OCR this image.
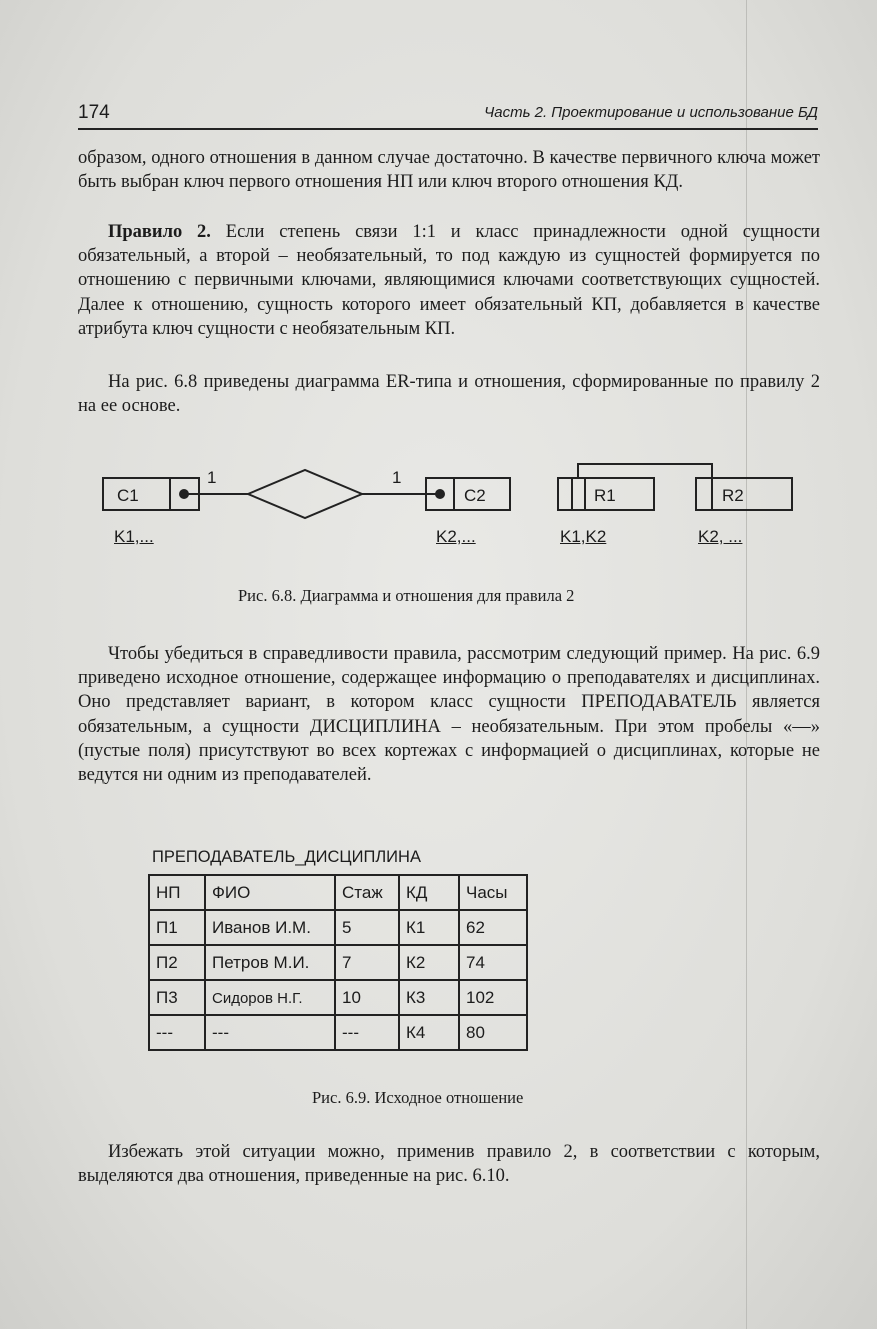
174	Часть 2. Проектирование и использование БД

образом, одного отношения в данном случае достаточно. В качестве первичного ключа может быть выбран ключ первого отношения НП или ключ второго отношения КД.

Правило 2. Если степень связи 1:1 и класс принадлежности одной сущности обязательный, а второй – необязательный, то под каждую из сущностей формируется по отношению с первичными ключами, являющимися ключами соответствующих сущностей. Далее к отношению, сущность которого имеет обязательный КП, добавляется в качестве атрибута ключ сущности с необязательным КП.

На рис. 6.8 приведены диаграмма ER-типа и отношения, сформированные по правилу 2 на ее основе.

C1	C2
1	1
R1	R2
K1,...	K2,...	K1,K2	K2, ...
Рис. 6.8. Диаграмма и отношения для правила 2

Чтобы убедиться в справедливости правила, рассмотрим следующий пример. На рис. 6.9 приведено исходное отношение, содержащее информацию о преподавателях и дисциплинах. Оно представляет вариант, в котором класс сущности ПРЕПОДАВАТЕЛЬ является обязательным, а сущности ДИСЦИПЛИНА – необязательным. При этом пробелы «—» (пустые поля) присутствуют во всех кортежах с информацией о дисциплинах, которые не ведутся ни одним из преподавателей.

ПРЕПОДАВАТЕЛЬ_ДИСЦИПЛИНА
НП	ФИО	Стаж	КД	Часы
П1	Иванов И.М.	5	К1	62
П2	Петров М.И.	7	К2	74
П3	Сидоров Н.Г.	10	К3	102
---	---	---	К4	80
Рис. 6.9. Исходное отношение

Избежать этой ситуации можно, применив правило 2, в соответствии с которым, выделяются два отношения, приведенные на рис. 6.10.
